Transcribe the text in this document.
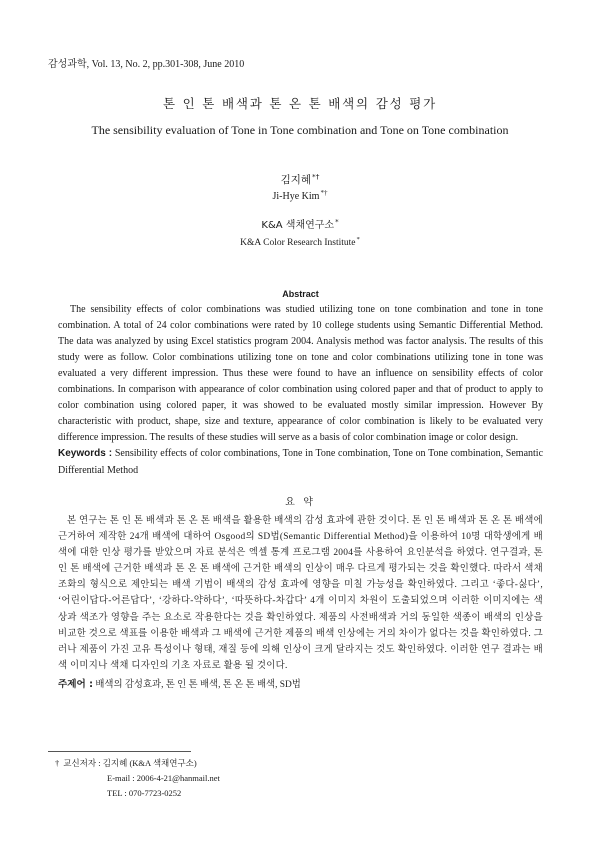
감성과학, Vol. 13, No. 2, pp.301-308, June 2010
톤 인 톤 배색과 톤 온 톤 배색의 감성 평가
The sensibility evaluation of Tone in Tone combination and Tone on Tone combination
김지혜*†
Ji-Hye Kim*†
K&A 색채연구소*
K&A Color Research Institute*

Abstract

The sensibility effects of color combinations was studied utilizing tone on tone combination and tone in tone combination. A total of 24 color combinations were rated by 10 college students using Semantic Differential Method. The data was analyzed by using Excel statistics program 2004. Analysis method was factor analysis. The results of this study were as follow. Color combinations utilizing tone on tone and color combinations utilizing tone in tone was evaluated a very different impression. Thus these were found to have an influence on sensibility effects of color combinations. In comparison with appearance of color combination using colored paper and that of product to apply to color combination using colored paper, it was showed to be evaluated mostly similar impression. However By characteristic with product, shape, size and texture, appearance of color combination is likely to be evaluated very difference impression. The results of these studies will serve as a basis of color combination image or color design.

Keywords : Sensibility effects of color combinations, Tone in Tone combination, Tone on Tone combination, Semantic Differential Method

요 약

본 연구는 톤 인 톤 배색과 톤 온 톤 배색을 활용한 배색의 감성 효과에 관한 것이다. 톤 인 톤 배색과 톤 온 톤 배색에 근거하여 제작한 24개 배색에 대하여 Osgood의 SD법(Semantic Differential Method)을 이용하여 10명 대학생에게 배색에 대한 인상 평가를 받았으며 자료 분석은 엑셀 통계 프로그램 2004를 사용하여 요인분석을 하였다. 연구결과, 톤 인 톤 배색에 근거한 배색과 톤 온 톤 배색에 근거한 배색의 인상이 매우 다르게 평가되는 것을 확인했다. 따라서 색채조화의 형식으로 제안되는 배색 기법이 배색의 감성 효과에 영향을 미칠 가능성을 확인하였다. 그리고 ‘좋다-싫다’, ‘어린이답다-어른답다’, ‘강하다-약하다’, ‘따뜻하다-차갑다’ 4개 이미지 차원이 도출되었으며 이러한 이미지에는 색상과 색조가 영향을 주는 요소로 작용한다는 것을 확인하였다. 제품의 사전배색과 거의 동일한 색종이 배색의 인상을 비교한 것으로 색표를 이용한 배색과 그 배색에 근거한 제품의 배색 인상에는 거의 차이가 없다는 것을 확인하였다. 그러나 제품이 가진 고유 특성이나 형태, 재질 등에 의해 인상이 크게 달라지는 것도 확인하였다. 이러한 연구 결과는 배색 이미지나 색채 디자인의 기초 자료로 활용 될 것이다.

주제어 : 배색의 감성효과, 톤 인 톤 배색, 톤 온 톤 배색, SD법

† 교신저자 : 김지혜 (K&A 색채연구소)
E-mail : 2006-4-21@hanmail.net
TEL : 070-7723-0252
